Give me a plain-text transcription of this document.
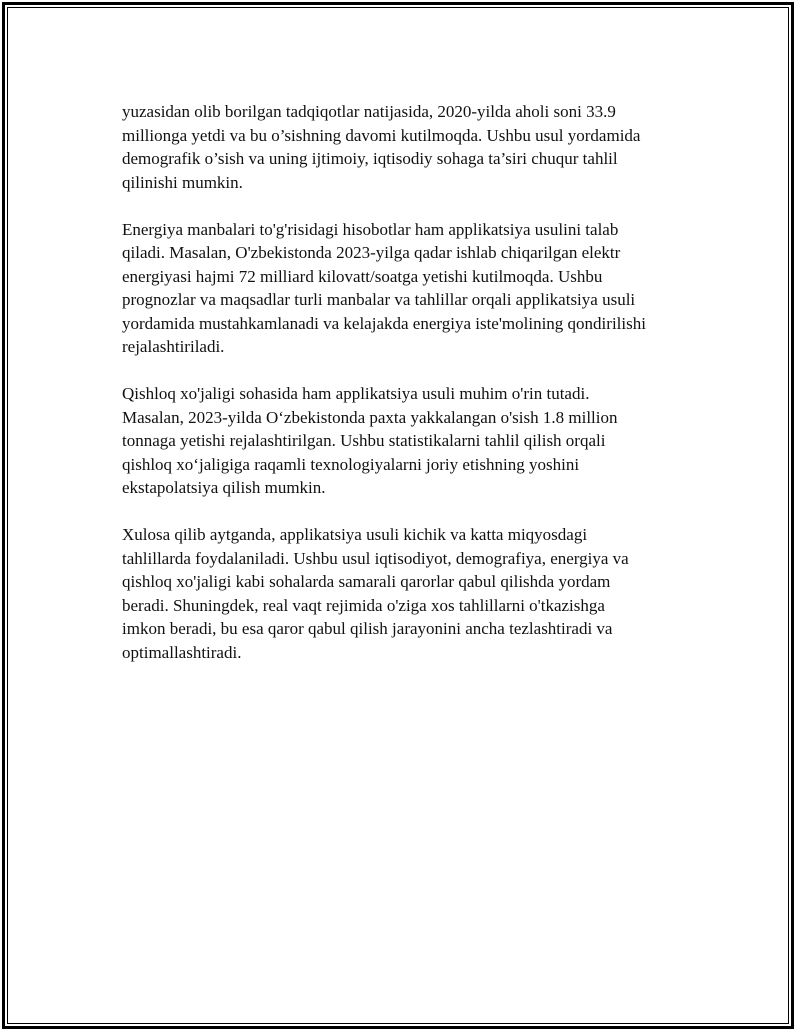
yuzasidan olib borilgan tadqiqotlar natijasida, 2020-yilda aholi soni 33.9
millionga yetdi va bu o’sishning davomi kutilmoqda. Ushbu usul yordamida
demografik o’sish va uning ijtimoiy, iqtisodiy sohaga ta’siri chuqur tahlil
qilinishi mumkin.

Energiya manbalari to'g'risidagi hisobotlar ham applikatsiya usulini talab
qiladi. Masalan, O'zbekistonda 2023-yilga qadar ishlab chiqarilgan elektr
energiyasi hajmi 72 milliard kilovatt/soatga yetishi kutilmoqda. Ushbu
prognozlar va maqsadlar turli manbalar va tahlillar orqali applikatsiya usuli
yordamida mustahkamlanadi va kelajakda energiya iste'molining qondirilishi
rejalashtiriladi.

Qishloq xo'jaligi sohasida ham applikatsiya usuli muhim o'rin tutadi.
Masalan, 2023-yilda O‘zbekistonda paxta yakkalangan o'sish 1.8 million
tonnaga yetishi rejalashtirilgan. Ushbu statistikalarni tahlil qilish orqali
qishloq xo‘jaligiga raqamli texnologiyalarni joriy etishning yoshini
ekstapolatsiya qilish mumkin.

Xulosa qilib aytganda, applikatsiya usuli kichik va katta miqyosdagi
tahlillarda foydalaniladi. Ushbu usul iqtisodiyot, demografiya, energiya va
qishloq xo'jaligi kabi sohalarda samarali qarorlar qabul qilishda yordam
beradi. Shuningdek, real vaqt rejimida o'ziga xos tahlillarni o'tkazishga
imkon beradi, bu esa qaror qabul qilish jarayonini ancha tezlashtiradi va
optimallashtiradi.
